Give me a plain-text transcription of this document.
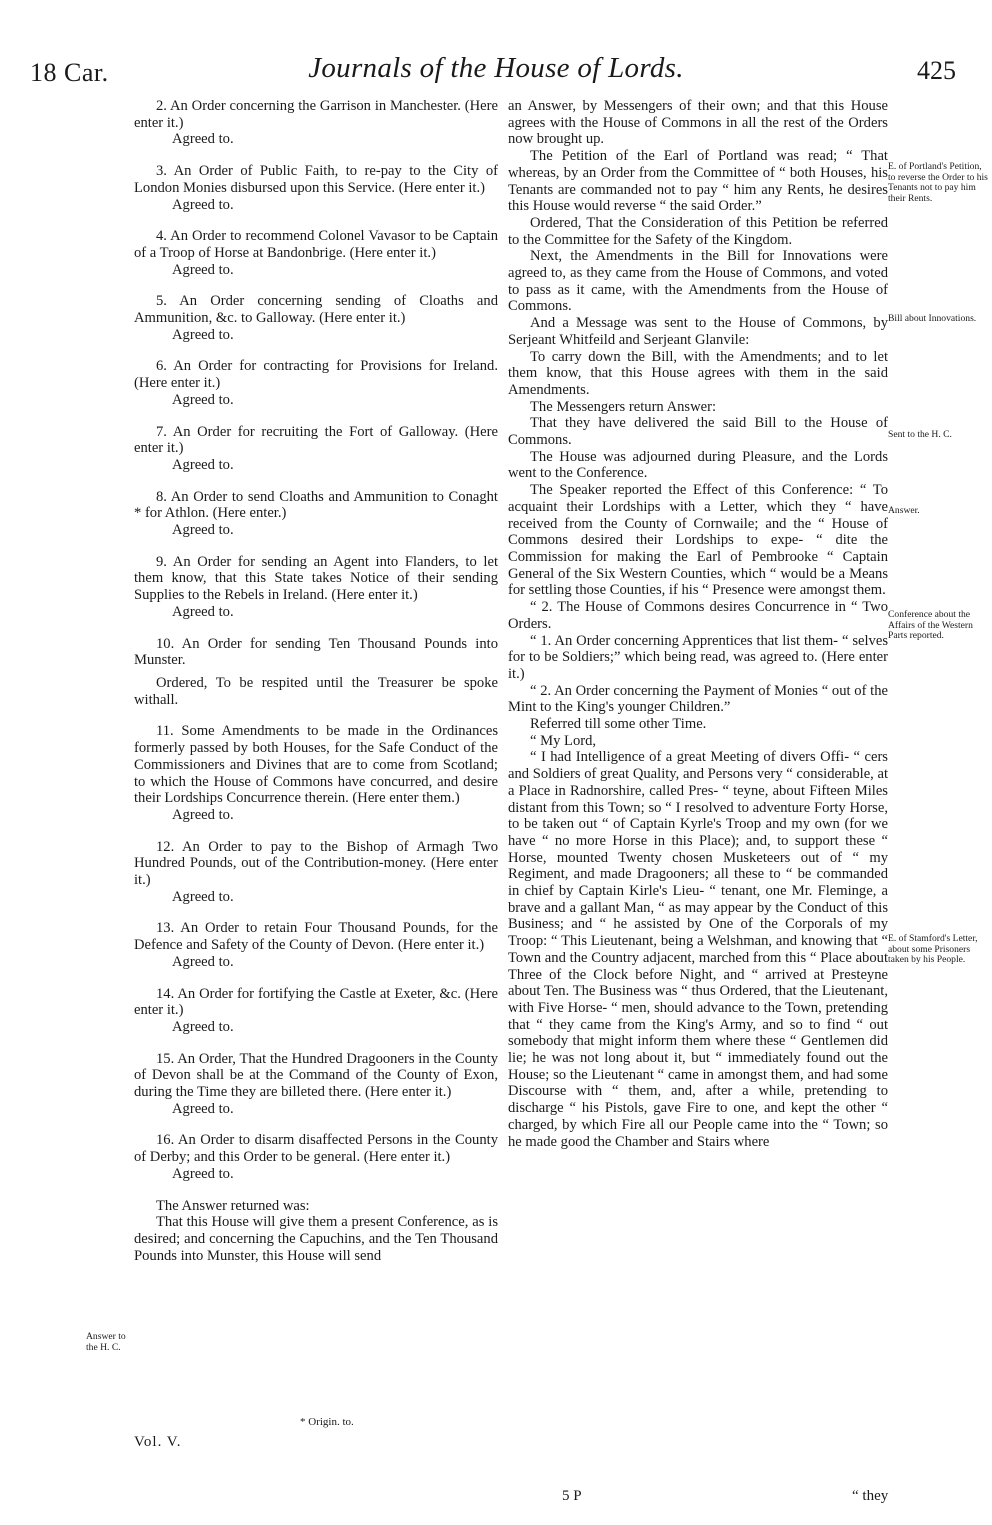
18 Car.	Journals of the House of Lords.	425

2. An Order concerning the Garrison in Manchester. (Here enter it.)

Agreed to.

3. An Order of Public Faith, to re-pay to the City of London Monies disbursed upon this Service. (Here enter it.)

Agreed to.

4. An Order to recommend Colonel Vavasor to be Captain of a Troop of Horse at Bandonbrige. (Here enter it.)

Agreed to.

5. An Order concerning sending of Cloaths and Ammunition, &c. to Galloway. (Here enter it.)

Agreed to.

6. An Order for contracting for Provisions for Ireland. (Here enter it.)

Agreed to.

7. An Order for recruiting the Fort of Galloway. (Here enter it.)

Agreed to.

8. An Order to send Cloaths and Ammunition to Conaght * for Athlon. (Here enter.)

Agreed to.

9. An Order for sending an Agent into Flanders, to let them know, that this State takes Notice of their sending Supplies to the Rebels in Ireland. (Here enter it.)

Agreed to.

10. An Order for sending Ten Thousand Pounds into Munster.

Ordered, To be respited until the Treasurer be spoke withall.

11. Some Amendments to be made in the Ordinances formerly passed by both Houses, for the Safe Conduct of the Commissioners and Divines that are to come from Scotland; to which the House of Commons have concurred, and desire their Lordships Concurrence therein. (Here enter them.)

Agreed to.

12. An Order to pay to the Bishop of Armagh Two Hundred Pounds, out of the Contribution-money. (Here enter it.)

Agreed to.

13. An Order to retain Four Thousand Pounds, for the Defence and Safety of the County of Devon. (Here enter it.)

Agreed to.

14. An Order for fortifying the Castle at Exeter, &c. (Here enter it.)

Agreed to.

15. An Order, That the Hundred Dragooners in the County of Devon shall be at the Command of the County of Exon, during the Time they are billeted there. (Here enter it.)

Agreed to.

16. An Order to disarm disaffected Persons in the County of Derby; and this Order to be general. (Here enter it.)

Agreed to.

The Answer returned was:

That this House will give them a present Conference, as is desired; and concerning the Capuchins, and the Ten Thousand Pounds into Munster, this House will send

an Answer, by Messengers of their own; and that this House agrees with the House of Commons in all the rest of the Orders now brought up.

The Petition of the Earl of Portland was read; “ That whereas, by an Order from the Committee of “ both Houses, his Tenants are commanded not to pay “ him any Rents, he desires this House would reverse “ the said Order.”

Ordered, That the Consideration of this Petition be referred to the Committee for the Safety of the Kingdom.

Next, the Amendments in the Bill for Innovations were agreed to, as they came from the House of Commons, and voted to pass as it came, with the Amendments from the House of Commons.

And a Message was sent to the House of Commons, by Serjeant Whitfeild and Serjeant Glanvile:

To carry down the Bill, with the Amendments; and to let them know, that this House agrees with them in the said Amendments.

The Messengers return Answer:

That they have delivered the said Bill to the House of Commons.

The House was adjourned during Pleasure, and the Lords went to the Conference.

The Speaker reported the Effect of this Conference: “ To acquaint their Lordships with a Letter, which they “ have received from the County of Cornwaile; and the “ House of Commons desired their Lordships to expe- “ dite the Commission for making the Earl of Pembrooke “ Captain General of the Six Western Counties, which “ would be a Means for settling those Counties, if his “ Presence were amongst them.

“ 2. The House of Commons desires Concurrence in “ Two Orders.

“ 1. An Order concerning Apprentices that list them- “ selves for to be Soldiers;” which being read, was agreed to. (Here enter it.)

“ 2. An Order concerning the Payment of Monies “ out of the Mint to the King's younger Children.”

Referred till some other Time.

“ My Lord,

“ I had Intelligence of a great Meeting of divers Offi- “ cers and Soldiers of great Quality, and Persons very “ considerable, at a Place in Radnorshire, called Pres- “ teyne, about Fifteen Miles distant from this Town; so “ I resolved to adventure Forty Horse, to be taken out “ of Captain Kyrle's Troop and my own (for we have “ no more Horse in this Place); and, to support these “ Horse, mounted Twenty chosen Musketeers out of “ my Regiment, and made Dragooners; all these to “ be commanded in chief by Captain Kirle's Lieu- “ tenant, one Mr. Fleminge, a brave and a gallant Man, “ as may appear by the Conduct of this Business; and “ he assisted by One of the Corporals of my Troop: “ This Lieutenant, being a Welshman, and knowing that “ Town and the Country adjacent, marched from this “ Place about Three of the Clock before Night, and “ arrived at Presteyne about Ten. The Business was “ thus Ordered, that the Lieutenant, with Five Horse- “ men, should advance to the Town, pretending that “ they came from the King's Army, and so to find “ out somebody that might inform them where these “ Gentlemen did lie; he was not long about it, but “ immediately found out the House; so the Lieutenant “ came in amongst them, and had some Discourse with “ them, and, after a while, pretending to discharge “ his Pistols, gave Fire to one, and kept the other “ charged, by which Fire all our People came into the “ Town; so he made good the Chamber and Stairs where

E. of Portland's Petition, to reverse the Order to his Tenants not to pay him their Rents.
Bill about Innovations.
Sent to the H. C.
Answer.
Conference about the Affairs of the Western Parts reported.
E. of Stamford's Letter, about some Prisoners taken by his People.
Answer to the H. C.
* Origin. to.
Vol. V.
5 P	“ they
